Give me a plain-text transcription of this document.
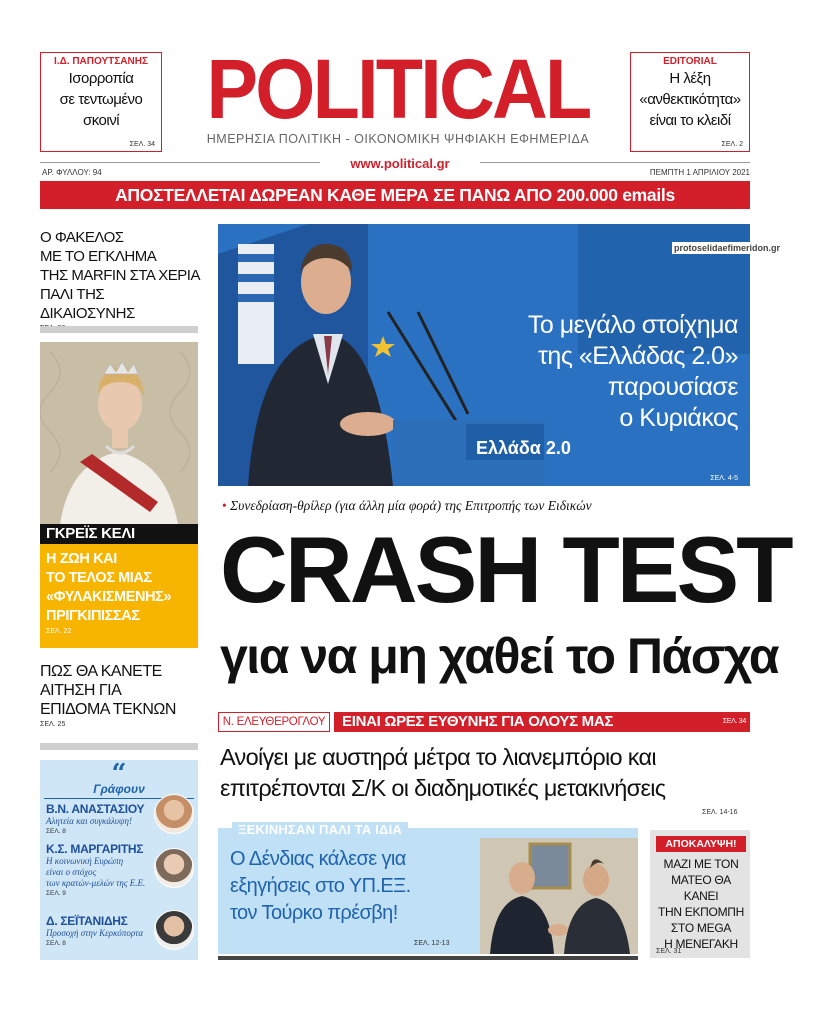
Ι.Δ. ΠΑΠΟΥΤΣΑΝΗΣ
Ισορροπία
σε τεντωμένο
σκοινί
ΣΕΛ. 34
EDITORIAL
Η λέξη
«ανθεκτικότητα»
είναι το κλειδί
ΣΕΛ. 2
POLITICAL
ΗΜΕΡΗΣΙΑ ΠΟΛΙΤΙΚΗ - ΟΙΚΟΝΟΜΙΚΗ ΨΗΦΙΑΚΗ ΕΦΗΜΕΡΙΔΑ
www.political.gr
ΑΡ. ΦΥΛΛΟΥ: 94	ΠΕΜΠΤΗ 1 ΑΠΡΙΛΙΟΥ 2021
ΑΠΟΣΤΕΛΛΕΤΑΙ ΔΩΡΕΑΝ ΚΑΘΕ ΜΕΡΑ ΣΕ ΠΑΝΩ ΑΠΟ 200.000 emails
Ο ΦΑΚΕΛΟΣ
ΜΕ ΤΟ ΕΓΚΛΗΜΑ
ΤΗΣ MARFIN ΣΤΑ ΧΕΡΙΑ
ΠΑΛΙ ΤΗΣ ΔΙΚΑΙΟΣΥΝΗΣ
ΓΚΡΕΪΣ ΚΕΛΙ
Η ΖΩΗ ΚΑΙ
ΤΟ ΤΕΛΟΣ ΜΙΑΣ
«ΦΥΛΑΚΙΣΜΕΝΗΣ»
ΠΡΙΓΚΙΠΙΣΣΑΣ
ΣΕΛ. 22
ΠΩΣ ΘΑ ΚΑΝΕΤΕ
ΑΙΤΗΣΗ ΓΙΑ
ΕΠΙΔΟΜΑ ΤΕΚΝΩΝ
ΣΕΛ. 25
“
Γράφουν
Β.Ν. ΑΝΑΣΤΑΣΙΟΥ
Αλητεία και συγκάλυψη!
ΣΕΛ. 8
Κ.Σ. ΜΑΡΓΑΡΙΤΗΣ
Η κοινωνική Ευρώπη
είναι ο στόχος
των κρατών-μελών της Ε.Ε.
ΣΕΛ. 9
Δ. ΣΕΪΤΑΝΙΔΗΣ
Προσοχή στην Κερκόπορτα
ΣΕΛ. 8
Ελλάδα 2.0
Το μεγάλο στοίχημα
της «Ελλάδας 2.0»
παρουσίασε
ο Κυριάκος
ΣΕΛ. 4-5
protoselidaefimeridon.gr
• Συνεδρίαση-θρίλερ (για άλλη μία φορά) της Επιτροπής των Ειδικών
CRASH TEST
για να μη χαθεί το Πάσχα
Ν. ΕΛΕΥΘΕΡΟΓΛΟΥ	ΕΙΝΑΙ ΩΡΕΣ ΕΥΘΥΝΗΣ ΓΙΑ ΟΛΟΥΣ ΜΑΣ	ΣΕΛ. 34
Ανοίγει με αυστηρά μέτρα το λιανεμπόριο και
επιτρέπονται Σ/Κ οι διαδημοτικές μετακινήσεις
ΣΕΛ. 14-16
ΞΕΚΙΝΗΣΑΝ ΠΑΛΙ ΤΑ ΙΔΙΑ
Ο Δένδιας κάλεσε για
εξηγήσεις στο ΥΠ.ΕΞ.
τον Τούρκο πρέσβη!
ΣΕΛ. 12-13
ΑΠΟΚΑΛΥΨΗ!
ΜΑΖΙ ΜΕ ΤΟΝ
ΜΑΤΕΟ ΘΑ ΚΑΝΕΙ
ΤΗΝ ΕΚΠΟΜΠΗ
ΣΤΟ MEGA
Η ΜΕΝΕΓΑΚΗ
ΣΕΛ. 31
